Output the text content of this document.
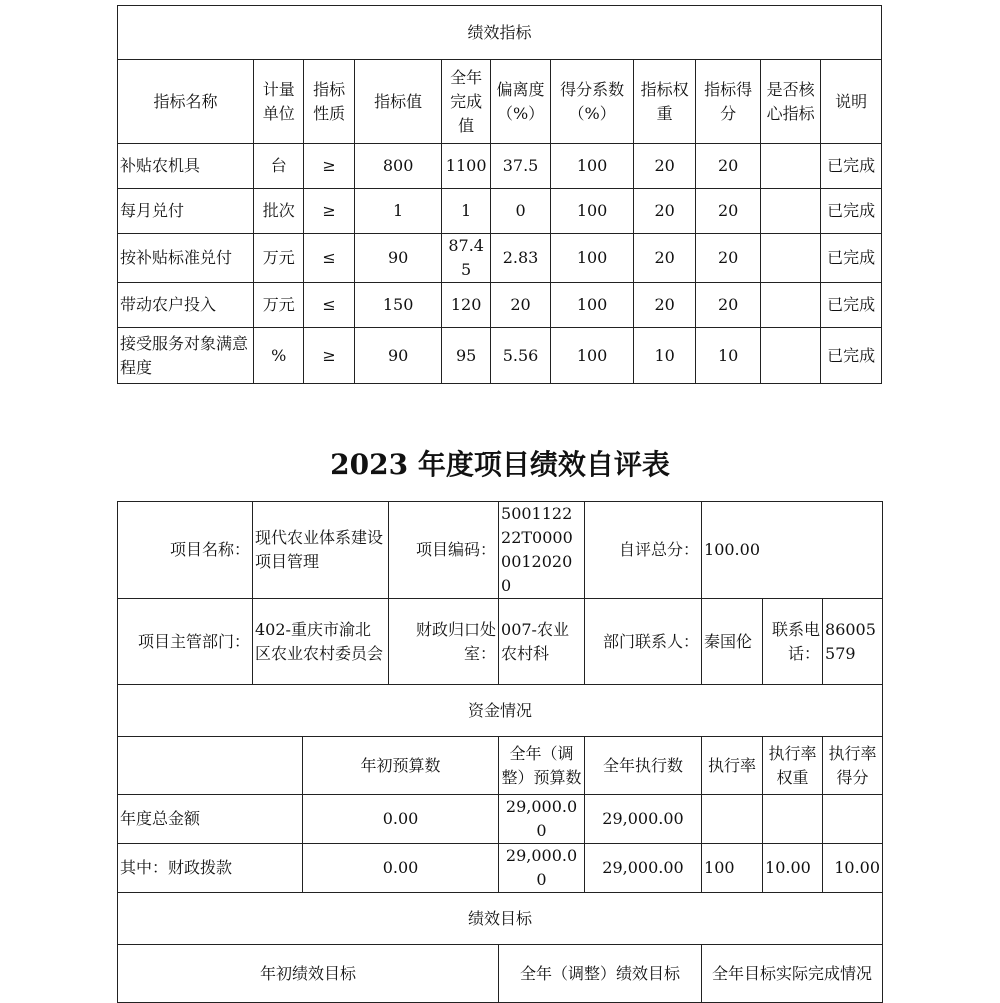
绩效指标										
指标名称	计量单位	指标性质	指标值	全年完成值	偏离度（%）	得分系数（%）	指标权重	指标得分	是否核心指标	说明
补贴农机具	台	≥	800	1100	37.5	100	20	20		已完成
每月兑付	批次	≥	1	1	0	100	20	20		已完成
按补贴标准兑付	万元	≤	90	87.45	2.83	100	20	20		已完成
带动农户投入	万元	≤	150	120	20	100	20	20		已完成
接受服务对象满意程度	%	≥	90	95	5.56	100	10	10		已完成
2023 年度项目绩效自评表
项目名称：	现代农业体系建设项目管理		项目编码：	500112222T000000120200	自评总分：	100.00		
项目主管部门：	402-重庆市渝北区农业农村委员会		财政归口处室：	007-农业农村科	部门联系人：	秦国伦	联系电话：	86005579
资金情况								
		年初预算数		全年（调整）预算数	全年执行数	执行率	执行率权重	执行率得分
年度总金额		0.00		29,000.00	29,000.00			
其中：财政拨款		0.00		29,000.00	29,000.00	100	10.00	10.00
绩效目标								
年初绩效目标				全年（调整）绩效目标		全年目标实际完成情况		
